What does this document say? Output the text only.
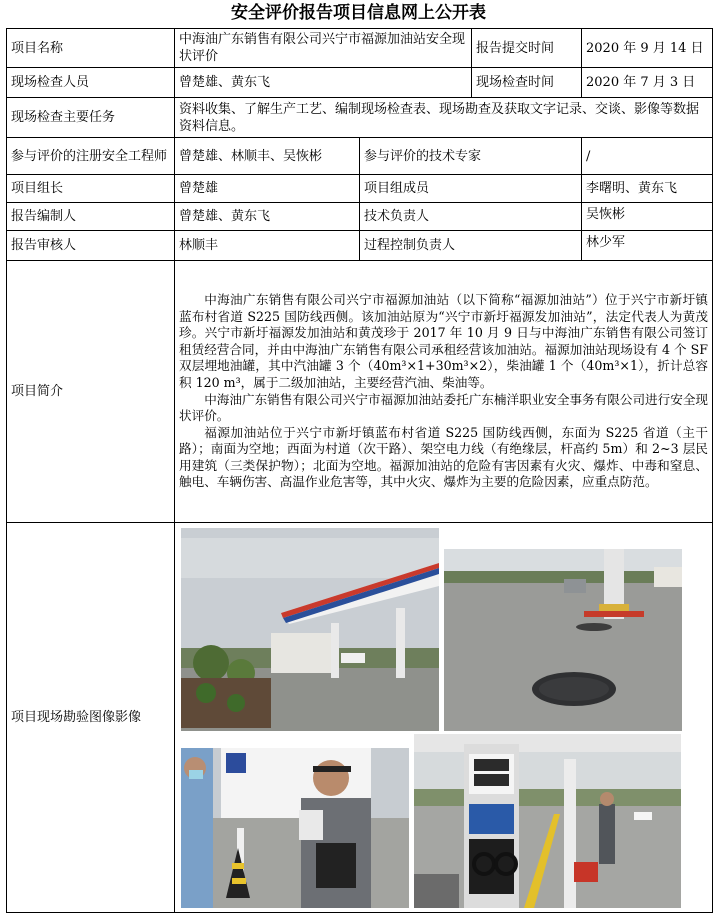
安全评价报告项目信息网上公开表
项目名称	中海油广东销售有限公司兴宁市福源加油站安全现状评价		报告提交时间	2020 年 9 月 14 日
现场检查人员	曾楚雄、黄东飞		现场检查时间	2020 年 7 月 3 日
现场检查主要任务	资料收集、了解生产工艺、编制现场检查表、现场勘查及获取文字记录、交谈、影像等数据资料信息。			
参与评价的注册安全工程师	曾楚雄、林顺丰、吴恢彬	参与评价的技术专家		/
项目组长	曾楚雄	项目组成员		李曙明、黄东飞
报告编制人	曾楚雄、黄东飞	技术负责人		吴恢彬
报告审核人	林顺丰	过程控制负责人		林少军
项目简介	中海油广东销售有限公司兴宁市福源加油站（以下简称“福源加油站”）位于兴宁市新圩镇蓝布村省道 S225 国防线西侧。该加油站原为“兴宁市新圩福源发加油站”，法定代表人为黄茂珍。兴宁市新圩福源发加油站和黄茂珍于 2017 年 10 月 9 日与中海油广东销售有限公司签订租赁经营合同，并由中海油广东销售有限公司承租经营该加油站。福源加油站现场设有 4 个 SF 双层埋地油罐，其中汽油罐 3 个（40m³×1+30m³×2），柴油罐 1 个（40m³×1），折计总容积 120 m³，属于二级加油站，主要经营汽油、柴油等。

中海油广东销售有限公司兴宁市福源加油站委托广东楠洋职业安全事务有限公司进行安全现状评价。

福源加油站位于兴宁市新圩镇蓝布村省道 S225 国防线西侧，东面为 S225 省道（主干路）；南面为空地；西面为村道（次干路）、架空电力线（有绝缘层，杆高约 5m）和 2~3 层民用建筑（三类保护物）；北面为空地。福源加油站的危险有害因素有火灾、爆炸、中毒和窒息、触电、车辆伤害、高温作业危害等，其中火灾、爆炸为主要的危险因素，应重点防范。			

项目现场勘验图像影像	
